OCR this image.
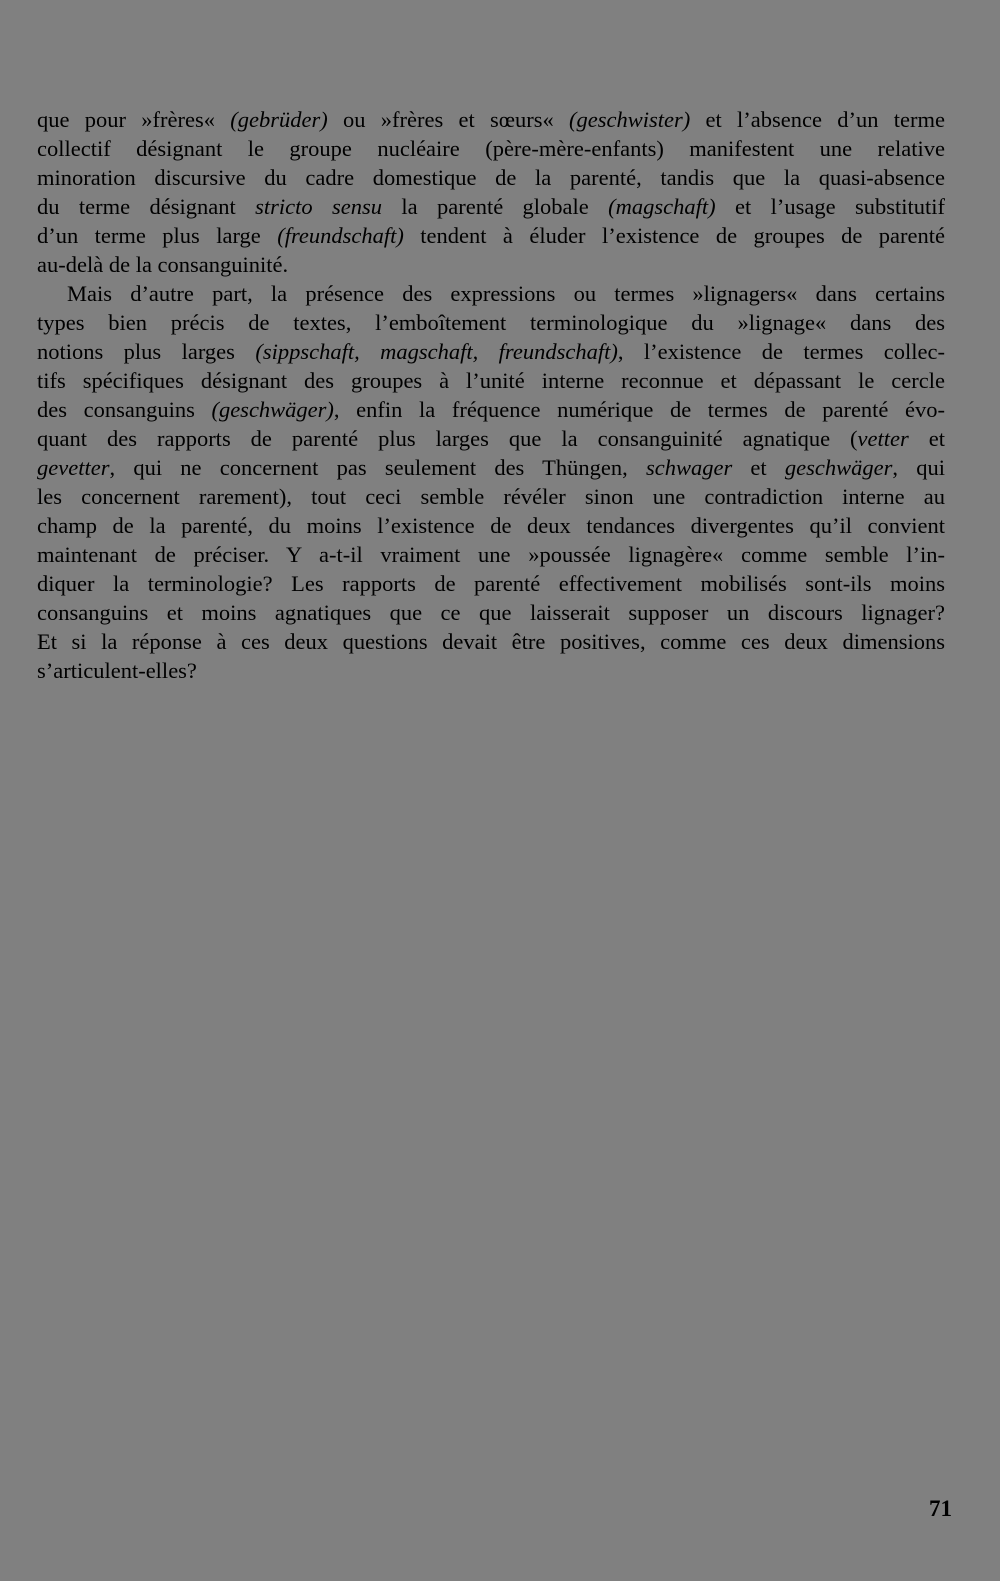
que pour »frères« (gebrüder) ou »frères et sœurs« (geschwister) et l’absence d’un terme
collectif désignant le groupe nucléaire (père-mère-enfants) manifestent une relative
minoration discursive du cadre domestique de la parenté, tandis que la quasi-absence
du terme désignant stricto sensu la parenté globale (magschaft) et l’usage substitutif
d’un terme plus large (freundschaft) tendent à éluder l’existence de groupes de parenté
au-delà de la consanguinité.
Mais d’autre part, la présence des expressions ou termes »lignagers« dans certains
types bien précis de textes, l’emboîtement terminologique du »lignage« dans des
notions plus larges (sippschaft, magschaft, freundschaft), l’existence de termes collec-
tifs spécifiques désignant des groupes à l’unité interne reconnue et dépassant le cercle
des consanguins (geschwäger), enfin la fréquence numérique de termes de parenté évo-
quant des rapports de parenté plus larges que la consanguinité agnatique (vetter et
gevetter, qui ne concernent pas seulement des Thüngen, schwager et geschwäger, qui
les concernent rarement), tout ceci semble révéler sinon une contradiction interne au
champ de la parenté, du moins l’existence de deux tendances divergentes qu’il convient
maintenant de préciser. Y a-t-il vraiment une »poussée lignagère« comme semble l’in-
diquer la terminologie? Les rapports de parenté effectivement mobilisés sont-ils moins
consanguins et moins agnatiques que ce que laisserait supposer un discours lignager?
Et si la réponse à ces deux questions devait être positives, comme ces deux dimensions
s’articulent-elles?
71
